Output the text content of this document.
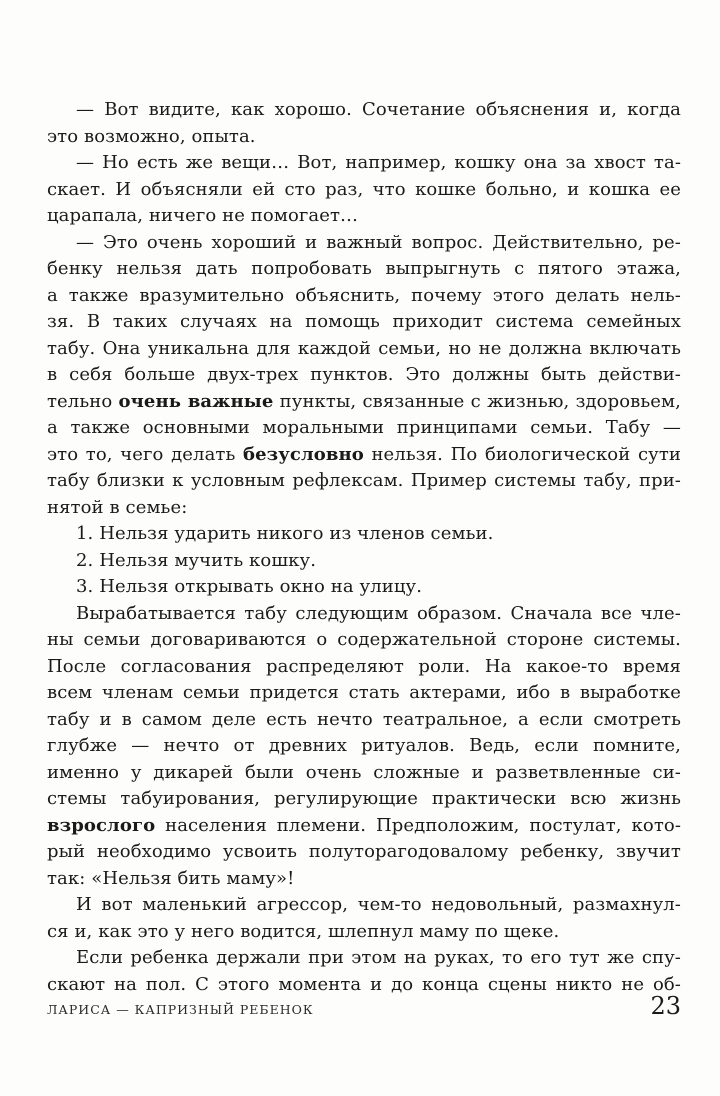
— Вот видите, как хорошо. Сочетание объяснения и, когда
это возможно, опыта.
— Но есть же вещи… Вот, например, кошку она за хвост та-
скает. И объясняли ей сто раз, что кошке больно, и кошка ее
царапала, ничего не помогает…
— Это очень хороший и важный вопрос. Действительно, ре-
бенку нельзя дать попробовать выпрыгнуть с пятого этажа,
а также вразумительно объяснить, почему этого делать нель-
зя. В таких случаях на помощь приходит система семейных
табу. Она уникальна для каждой семьи, но не должна включать
в себя больше двух-трех пунктов. Это должны быть действи-
тельно очень важные пункты, связанные с жизнью, здоровьем,
а также основными моральными принципами семьи. Табу —
это то, чего делать безусловно нельзя. По биологической сути
табу близки к условным рефлексам. Пример системы табу, при-
нятой в семье:
1. Нельзя ударить никого из членов семьи.
2. Нельзя мучить кошку.
3. Нельзя открывать окно на улицу.
Вырабатывается табу следующим образом. Сначала все чле-
ны семьи договариваются о содержательной стороне системы.
После согласования распределяют роли. На какое-то время
всем членам семьи придется стать актерами, ибо в выработке
табу и в самом деле есть нечто театральное, а если смотреть
глубже — нечто от древних ритуалов. Ведь, если помните,
именно у дикарей были очень сложные и разветвленные си-
стемы табуирования, регулирующие практически всю жизнь
взрослого населения племени. Предположим, постулат, кото-
рый необходимо усвоить полуторагодовалому ребенку, звучит
так: «Нельзя бить маму»!
И вот маленький агрессор, чем-то недовольный, размахнул-
ся и, как это у него водится, шлепнул маму по щеке.
Если ребенка держали при этом на руках, то его тут же спу-
скают на пол. С этого момента и до конца сцены никто не об-
ЛАРИСА — КАПРИЗНЫЙ РЕБЕНОК	23
